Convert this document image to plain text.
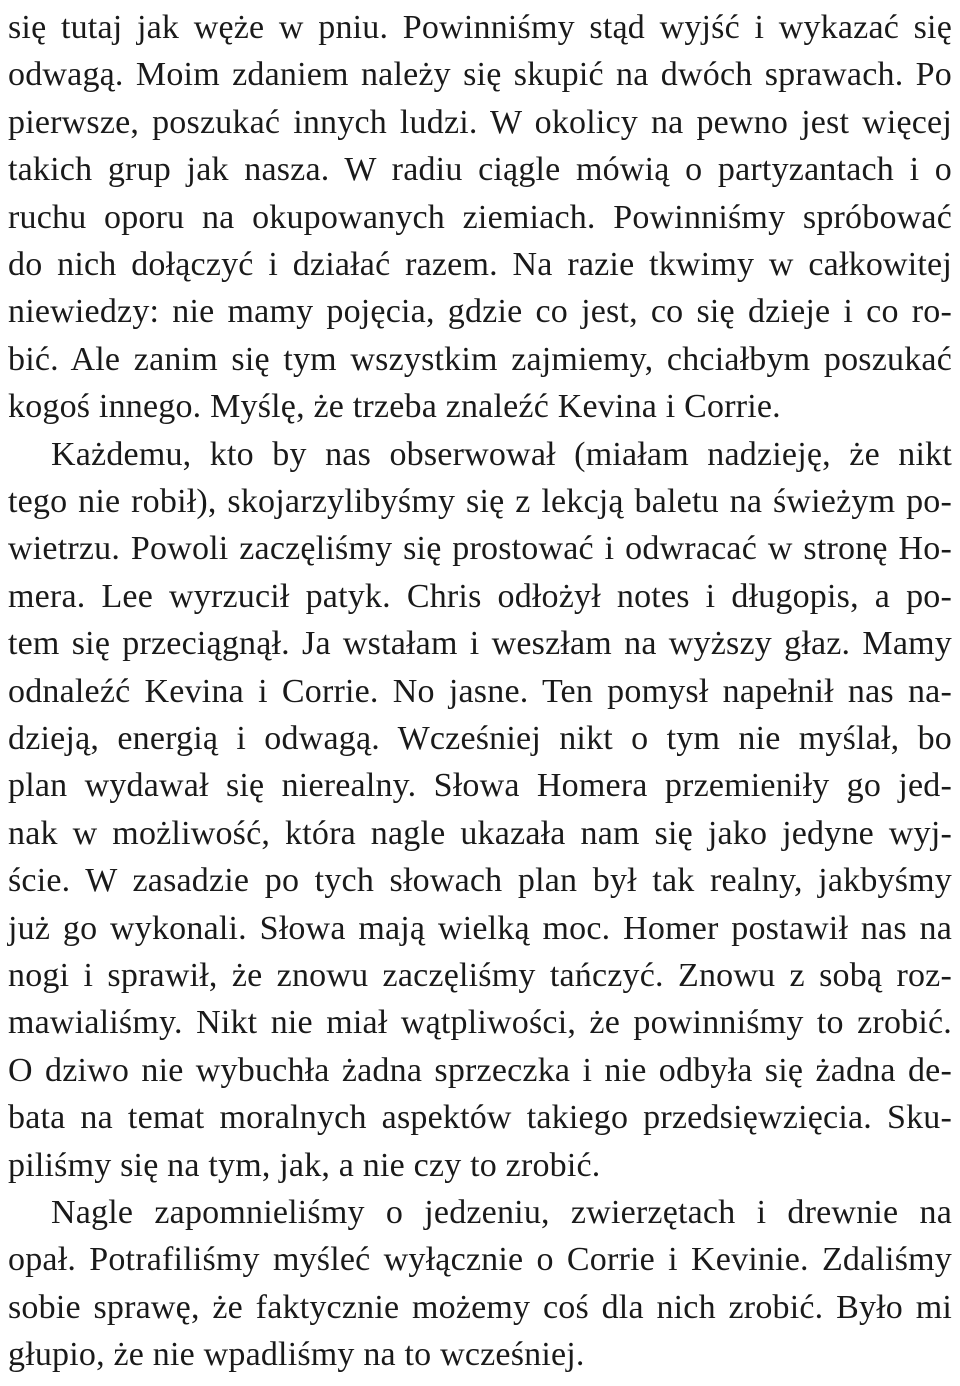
się tutaj jak węże w pniu. Powinniśmy stąd wyjść i wykazać się
odwagą. Moim zdaniem należy się skupić na dwóch sprawach. Po
pierwsze, poszukać innych ludzi. W okolicy na pewno jest więcej
takich grup jak nasza. W radiu ciągle mówią o partyzantach i o
ruchu oporu na okupowanych ziemiach. Powinniśmy spróbować
do nich dołączyć i działać razem. Na razie tkwimy w całkowitej
niewiedzy: nie mamy pojęcia, gdzie co jest, co się dzieje i co ro-
bić. Ale zanim się tym wszystkim zajmiemy, chciałbym poszukać
kogoś innego. Myślę, że trzeba znaleźć Kevina i Corrie.
Każdemu, kto by nas obserwował (miałam nadzieję, że nikt
tego nie robił), skojarzylibyśmy się z lekcją baletu na świeżym po-
wietrzu. Powoli zaczęliśmy się prostować i odwracać w stronę Ho-
mera. Lee wyrzucił patyk. Chris odłożył notes i długopis, a po-
tem się przeciągnął. Ja wstałam i weszłam na wyższy głaz. Mamy
odnaleźć Kevina i Corrie. No jasne. Ten pomysł napełnił nas na-
dzieją, energią i odwagą. Wcześniej nikt o tym nie myślał, bo
plan wydawał się nierealny. Słowa Homera przemieniły go jed-
nak w możliwość, która nagle ukazała nam się jako jedyne wyj-
ście. W zasadzie po tych słowach plan był tak realny, jakbyśmy
już go wykonali. Słowa mają wielką moc. Homer postawił nas na
nogi i sprawił, że znowu zaczęliśmy tańczyć. Znowu z sobą roz-
mawialiśmy. Nikt nie miał wątpliwości, że powinniśmy to zrobić.
O dziwo nie wybuchła żadna sprzeczka i nie odbyła się żadna de-
bata na temat moralnych aspektów takiego przedsięwzięcia. Sku-
piliśmy się na tym, jak, a nie czy to zrobić.
Nagle zapomnieliśmy o jedzeniu, zwierzętach i drewnie na
opał. Potrafiliśmy myśleć wyłącznie o Corrie i Kevinie. Zdaliśmy
sobie sprawę, że faktycznie możemy coś dla nich zrobić. Było mi
głupio, że nie wpadliśmy na to wcześniej.
